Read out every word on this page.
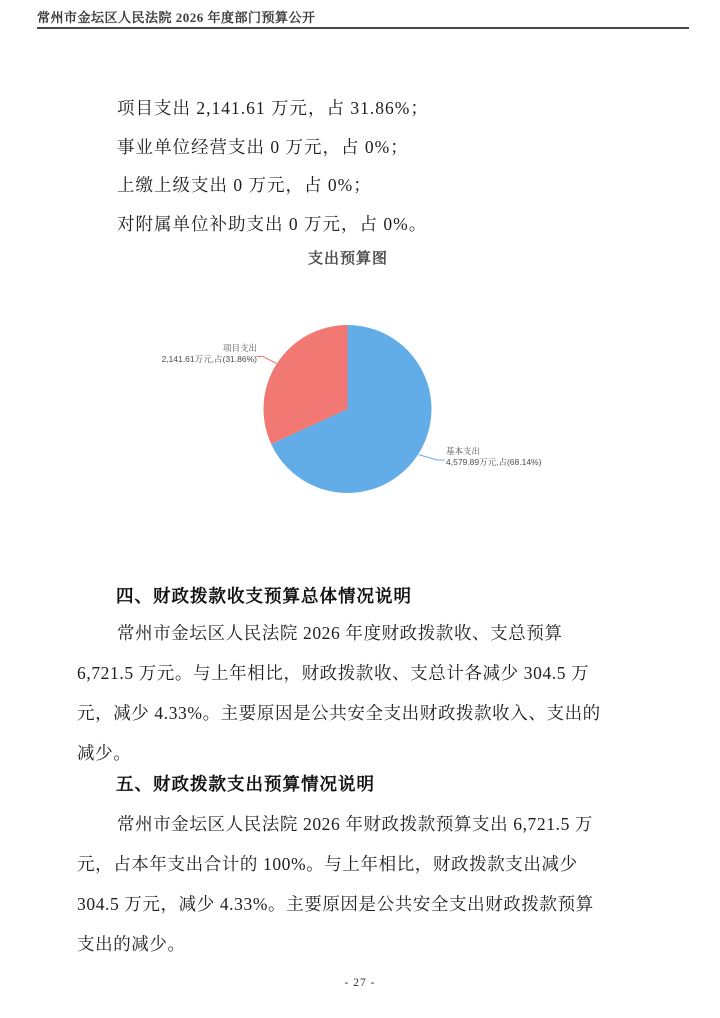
常州市金坛区人民法院 2026 年度部门预算公开
项目支出 2,141.61 万元，占 31.86%；
事业单位经营支出 0 万元，占 0%；
上缴上级支出 0 万元，占 0%；
对附属单位补助支出 0 万元，占 0%。
支出预算图
项目支出
2,141.61万元,占(31.86%)
基本支出
4,579.89万元,占(68.14%)
四、财政拨款收支预算总体情况说明
常州市金坛区人民法院 2026 年度财政拨款收、支总预算
6,721.5 万元。与上年相比，财政拨款收、支总计各减少 304.5 万
元，减少 4.33%。主要原因是公共安全支出财政拨款收入、支出的
减少。
五、财政拨款支出预算情况说明
常州市金坛区人民法院 2026 年财政拨款预算支出 6,721.5 万
元，占本年支出合计的 100%。与上年相比，财政拨款支出减少
304.5 万元，减少 4.33%。主要原因是公共安全支出财政拨款预算
支出的减少。
- 27 -
